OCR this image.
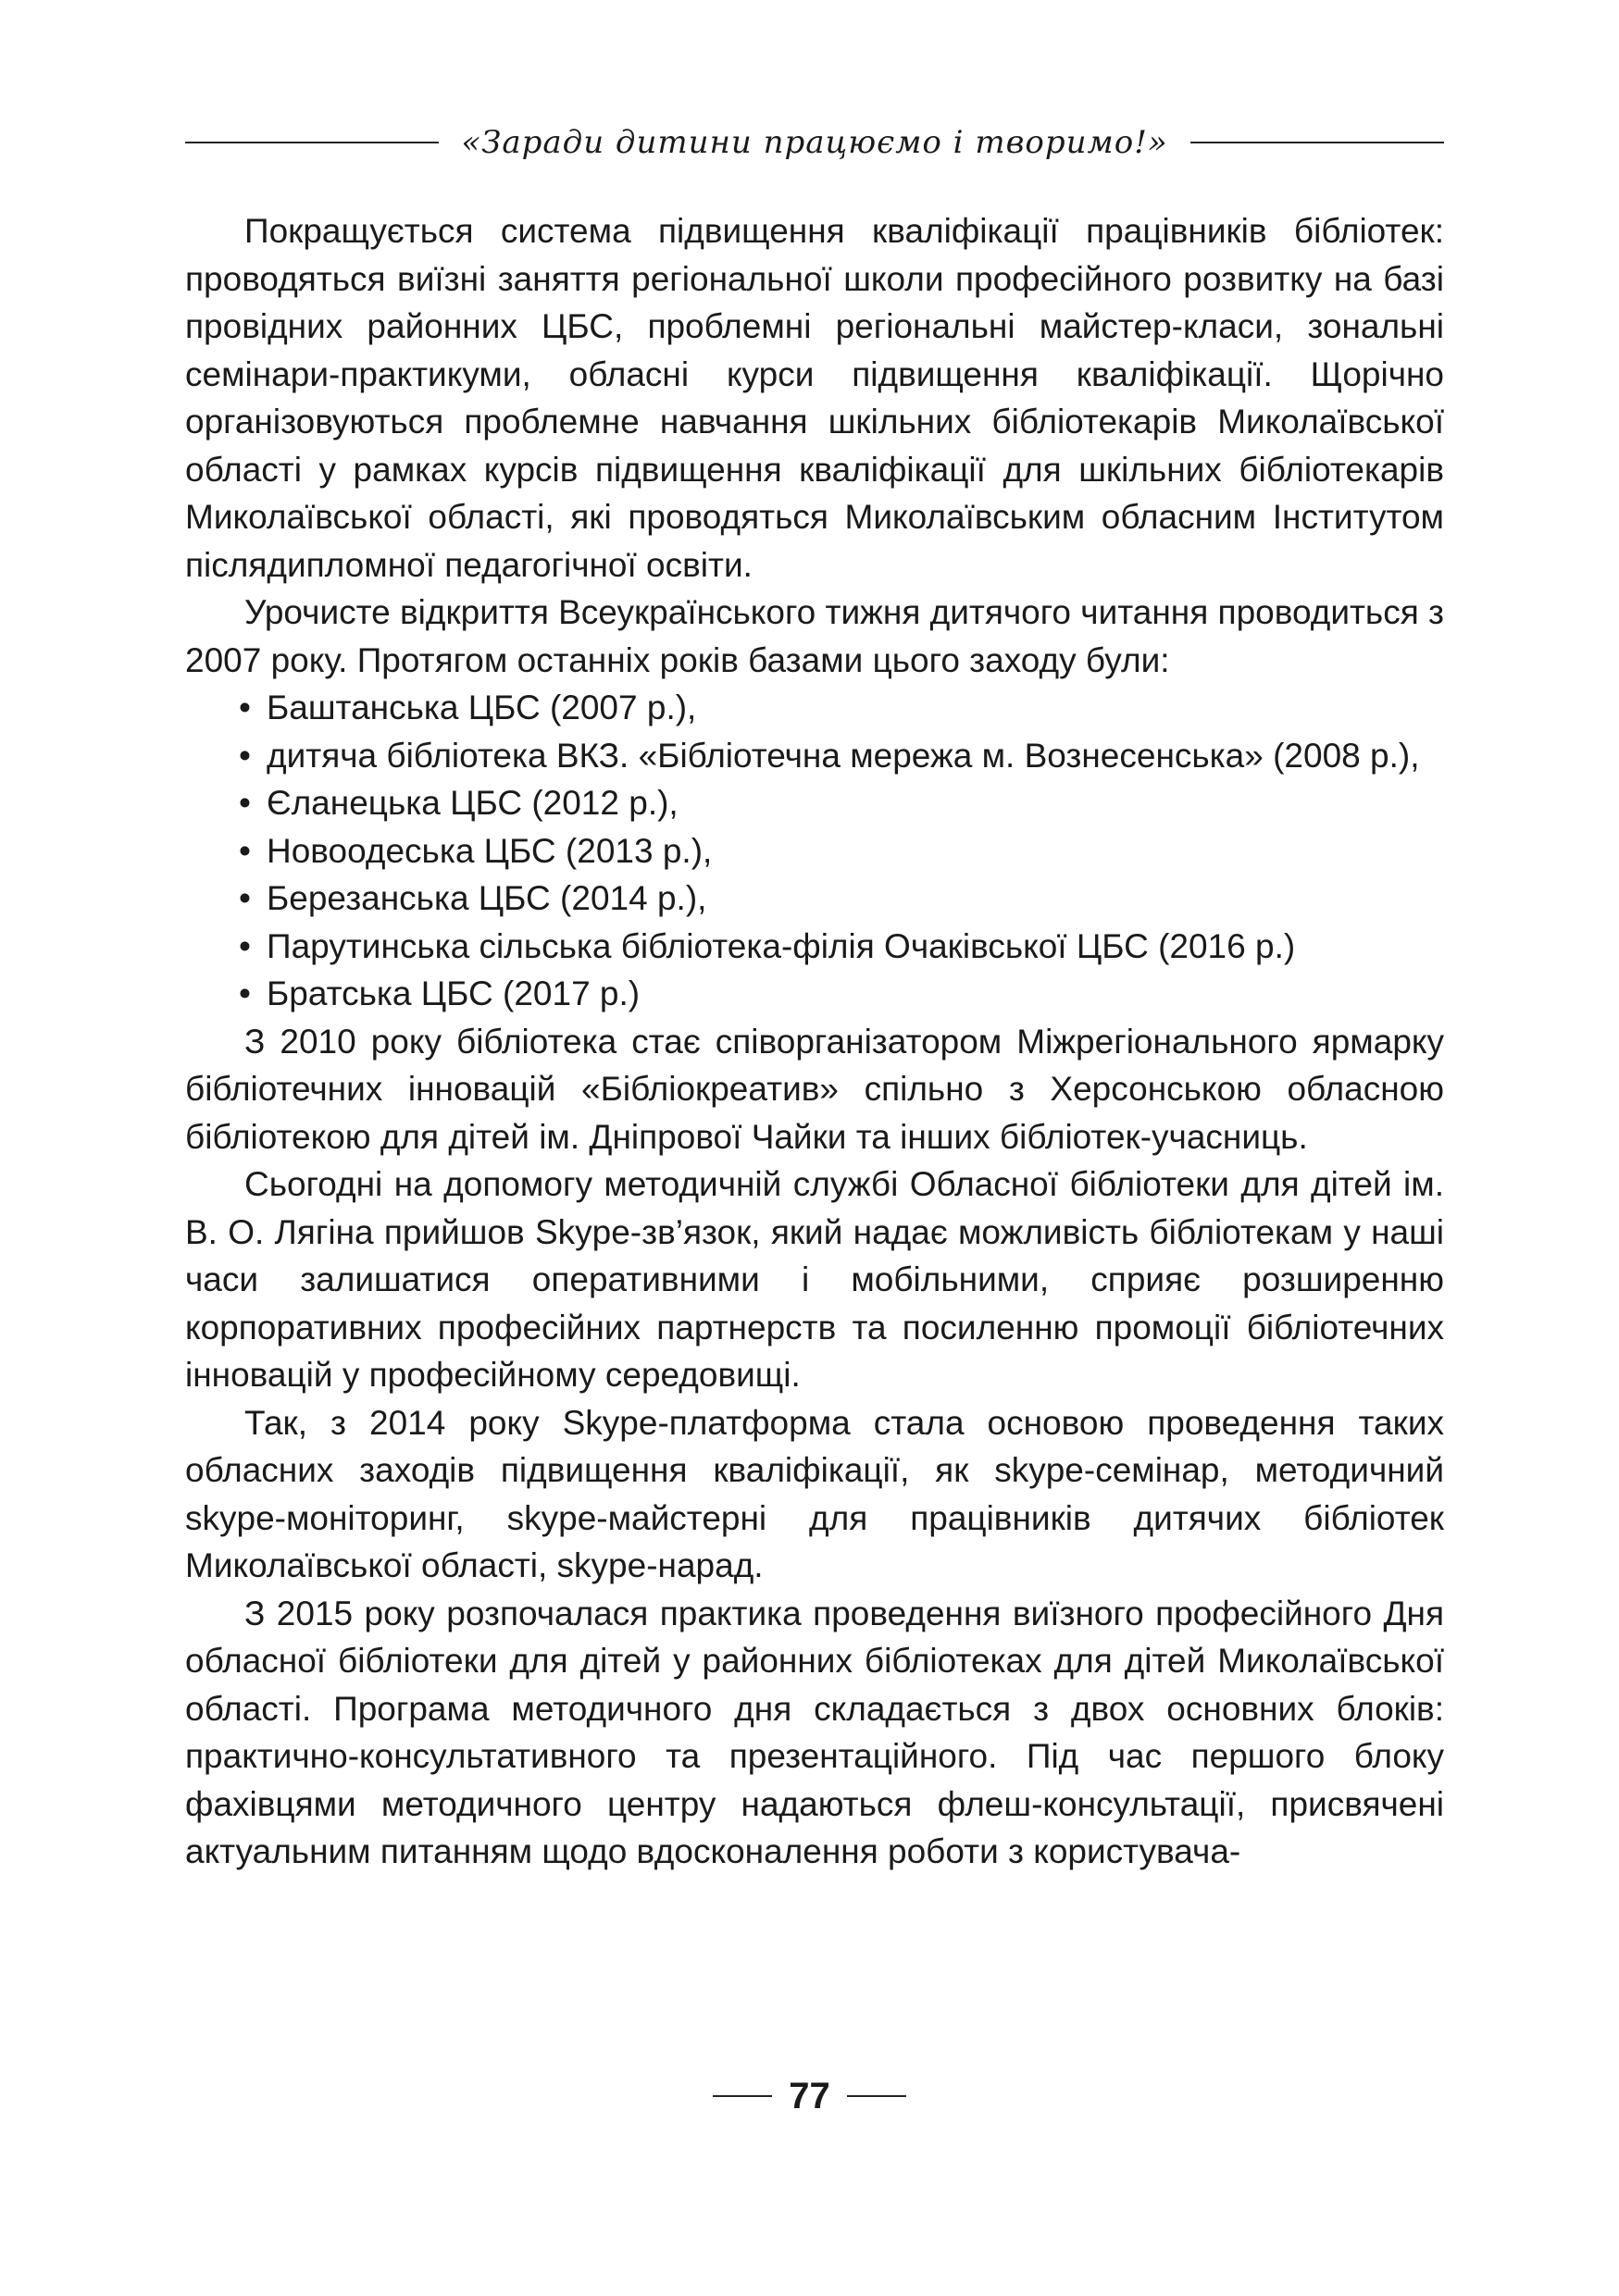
«Заради дитини працюємо і творимо!»

Покращується система підвищення кваліфікації працівників бібліотек: проводяться виїзні заняття регіональної школи професійного розвитку на базі провідних районних ЦБС, проблемні регіональні майстер-класи, зональні семінари-практикуми, обласні курси підвищення кваліфікації. Щорічно організовуються проблемне навчання шкільних бібліотекарів Миколаївської області у рамках курсів підвищення кваліфікації для шкільних бібліотекарів Миколаївської області, які проводяться Миколаївським обласним Інститутом післядипломної педагогічної освіти.

Урочисте відкриття Всеукраїнського тижня дитячого читання проводиться з 2007 року. Протягом останніх років базами цього заходу були:

• Баштанська ЦБС (2007 р.),
• дитяча бібліотека ВКЗ. «Бібліотечна мережа м. Вознесенська» (2008 р.),
• Єланецька ЦБС (2012 р.),
• Новоодеська ЦБС (2013 р.),
• Березанська ЦБС (2014 р.),
• Парутинська сільська бібліотека-філія Очаківської ЦБС (2016 р.)
• Братська ЦБС (2017 р.)

З 2010 року бібліотека стає співорганізатором Міжрегіонального ярмарку бібліотечних інновацій «Бібліокреатив» спільно з Херсонською обласною бібліотекою для дітей ім. Дніпрової Чайки та інших бібліотек-учасниць.

Сьогодні на допомогу методичній службі Обласної бібліотеки для дітей ім. В. О. Лягіна прийшов Skype-зв’язок, який надає можливість бібліотекам у наші часи залишатися оперативними і мобільними, сприяє розширенню корпоративних професійних партнерств та посиленню промоції бібліотечних інновацій у професійному середовищі.

Так, з 2014 року Skype-платформа стала основою проведення таких обласних заходів підвищення кваліфікації, як skype-семінар, методичний skype-моніторинг, skype-майстерні для працівників дитячих бібліотек Миколаївської області, skype-нарад.

З 2015 року розпочалася практика проведення виїзного професійного Дня обласної бібліотеки для дітей у районних бібліотеках для дітей Миколаївської області. Програма методичного дня складається з двох основних блоків: практично-консультативного та презентаційного. Під час першого блоку фахівцями методичного центру надаються флеш-консультації, присвячені актуальним питанням щодо вдосконалення роботи з користувача-

77
